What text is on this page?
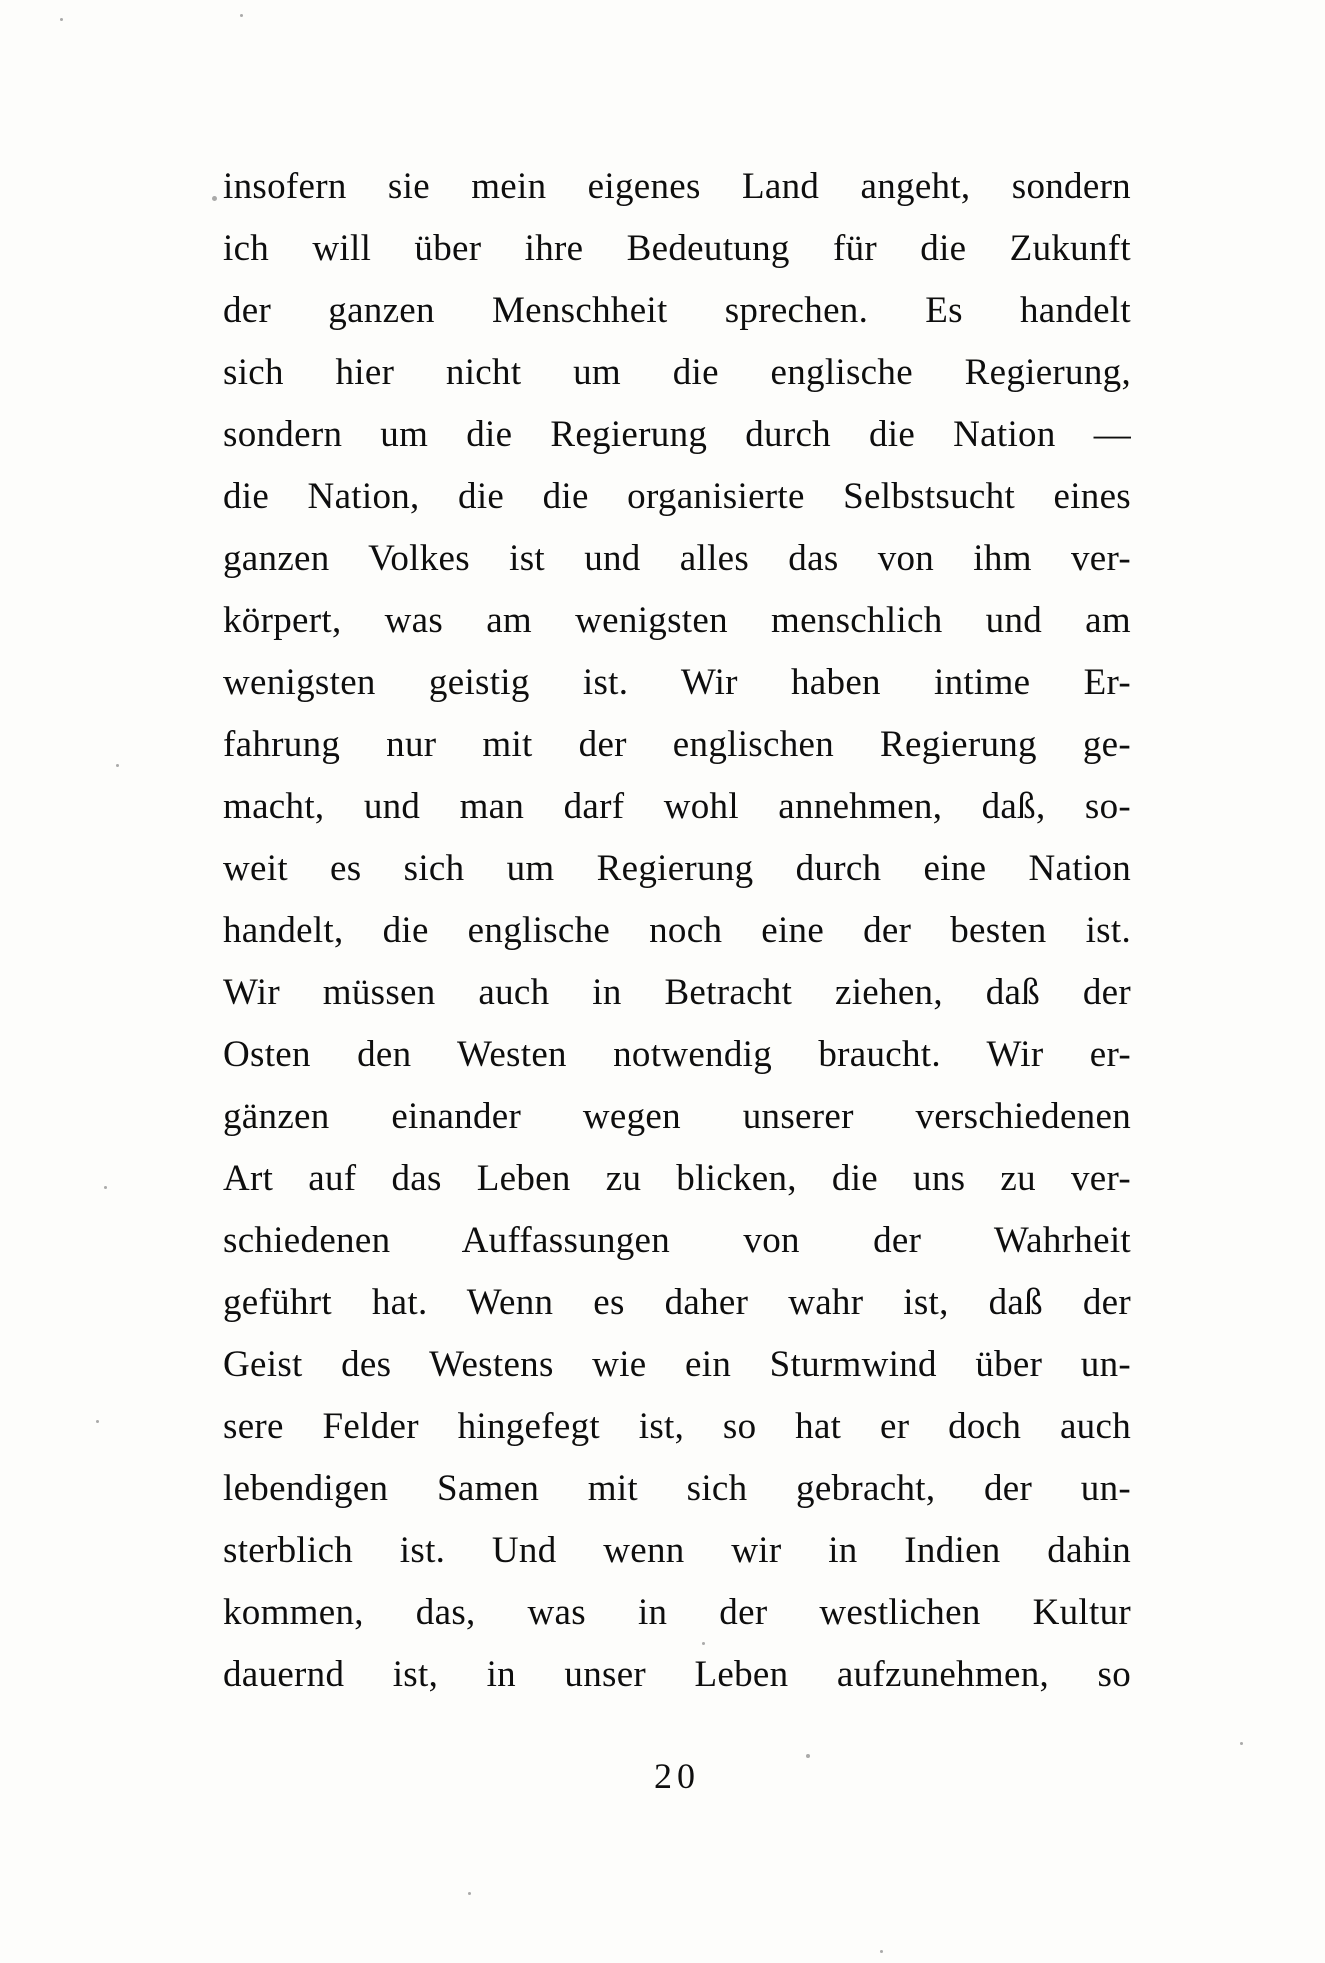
insofern sie mein eigenes Land angeht, sondern
ich will über ihre Bedeutung für die Zukunft
der ganzen Menschheit sprechen. Es handelt
sich hier nicht um die englische Regierung,
sondern um die Regierung durch die Nation —
die Nation, die die organisierte Selbstsucht eines
ganzen Volkes ist und alles das von ihm ver-
körpert, was am wenigsten menschlich und am
wenigsten geistig ist. Wir haben intime Er-
fahrung nur mit der englischen Regierung ge-
macht, und man darf wohl annehmen, daß, so-
weit es sich um Regierung durch eine Nation
handelt, die englische noch eine der besten ist.
Wir müssen auch in Betracht ziehen, daß der
Osten den Westen notwendig braucht. Wir er-
gänzen einander wegen unserer verschiedenen
Art auf das Leben zu blicken, die uns zu ver-
schiedenen Auffassungen von der Wahrheit
geführt hat. Wenn es daher wahr ist, daß der
Geist des Westens wie ein Sturmwind über un-
sere Felder hingefegt ist, so hat er doch auch
lebendigen Samen mit sich gebracht, der un-
sterblich ist. Und wenn wir in Indien dahin
kommen, das, was in der westlichen Kultur
dauernd ist, in unser Leben aufzunehmen, so
20
